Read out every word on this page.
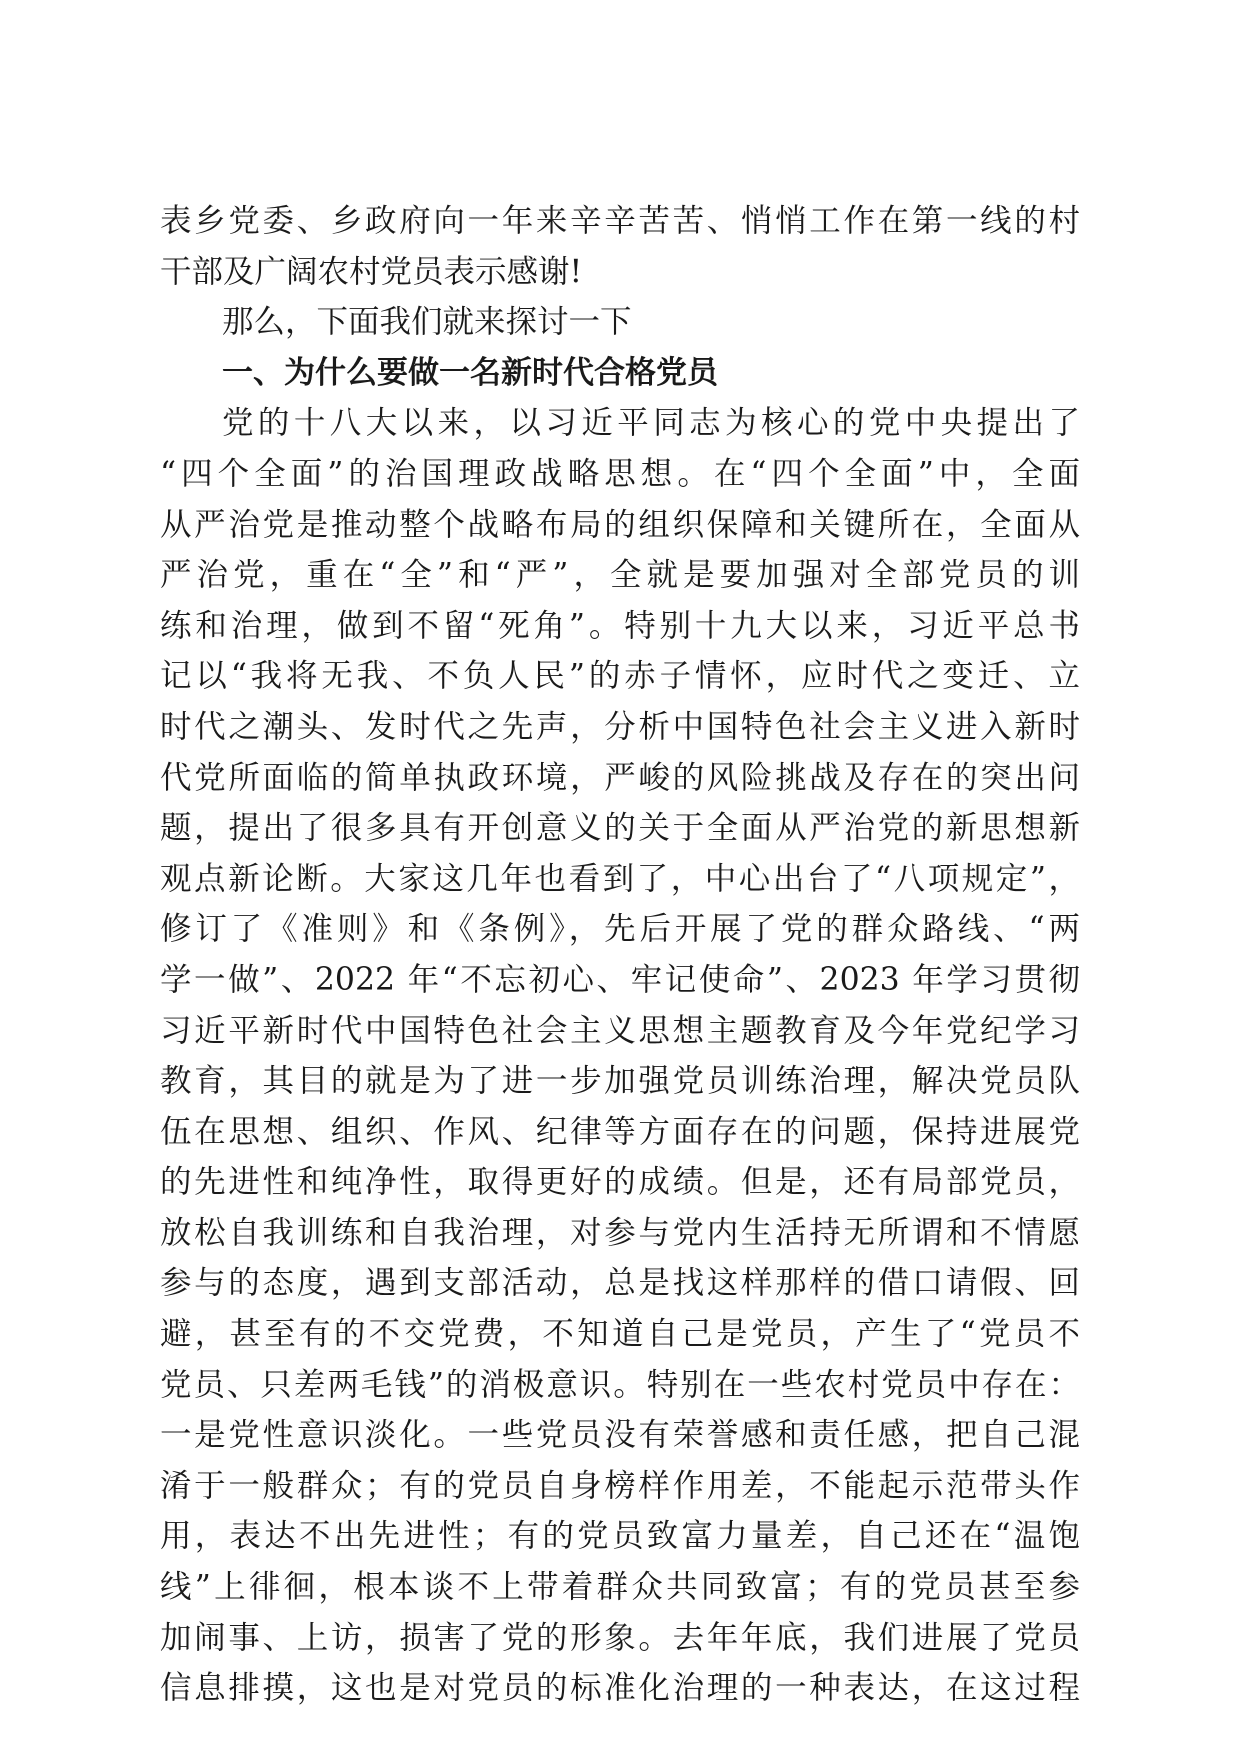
表乡党委、乡政府向一年来辛辛苦苦、悄悄工作在第一线的村
干部及广阔农村党员表示感谢!
那么，下面我们就来探讨一下
一、为什么要做一名新时代合格党员
党的十八大以来，以习近平同志为核心的党中央提出了
“四个全面”的治国理政战略思想。在“四个全面”中，全面
从严治党是推动整个战略布局的组织保障和关键所在，全面从
严治党，重在“全”和“严”，全就是要加强对全部党员的训
练和治理，做到不留“死角”。特别十九大以来，习近平总书
记以“我将无我、不负人民”的赤子情怀，应时代之变迁、立
时代之潮头、发时代之先声，分析中国特色社会主义进入新时
代党所面临的简单执政环境，严峻的风险挑战及存在的突出问
题，提出了很多具有开创意义的关于全面从严治党的新思想新
观点新论断。大家这几年也看到了，中心出台了“八项规定”，
修订了《准则》和《条例》，先后开展了党的群众路线、“两
学一做”、2022 年“不忘初心、牢记使命”、2023 年学习贯彻
习近平新时代中国特色社会主义思想主题教育及今年党纪学习
教育，其目的就是为了进一步加强党员训练治理，解决党员队
伍在思想、组织、作风、纪律等方面存在的问题，保持进展党
的先进性和纯净性，取得更好的成绩。但是，还有局部党员，
放松自我训练和自我治理，对参与党内生活持无所谓和不情愿
参与的态度，遇到支部活动，总是找这样那样的借口请假、回
避，甚至有的不交党费，不知道自己是党员，产生了“党员不
党员、只差两毛钱”的消极意识。特别在一些农村党员中存在：
一是党性意识淡化。一些党员没有荣誉感和责任感，把自己混
淆于一般群众；有的党员自身榜样作用差，不能起示范带头作
用，表达不出先进性；有的党员致富力量差，自己还在“温饱
线”上徘徊，根本谈不上带着群众共同致富；有的党员甚至参
加闹事、上访，损害了党的形象。去年年底，我们进展了党员
信息排摸，这也是对党员的标准化治理的一种表达，在这过程
